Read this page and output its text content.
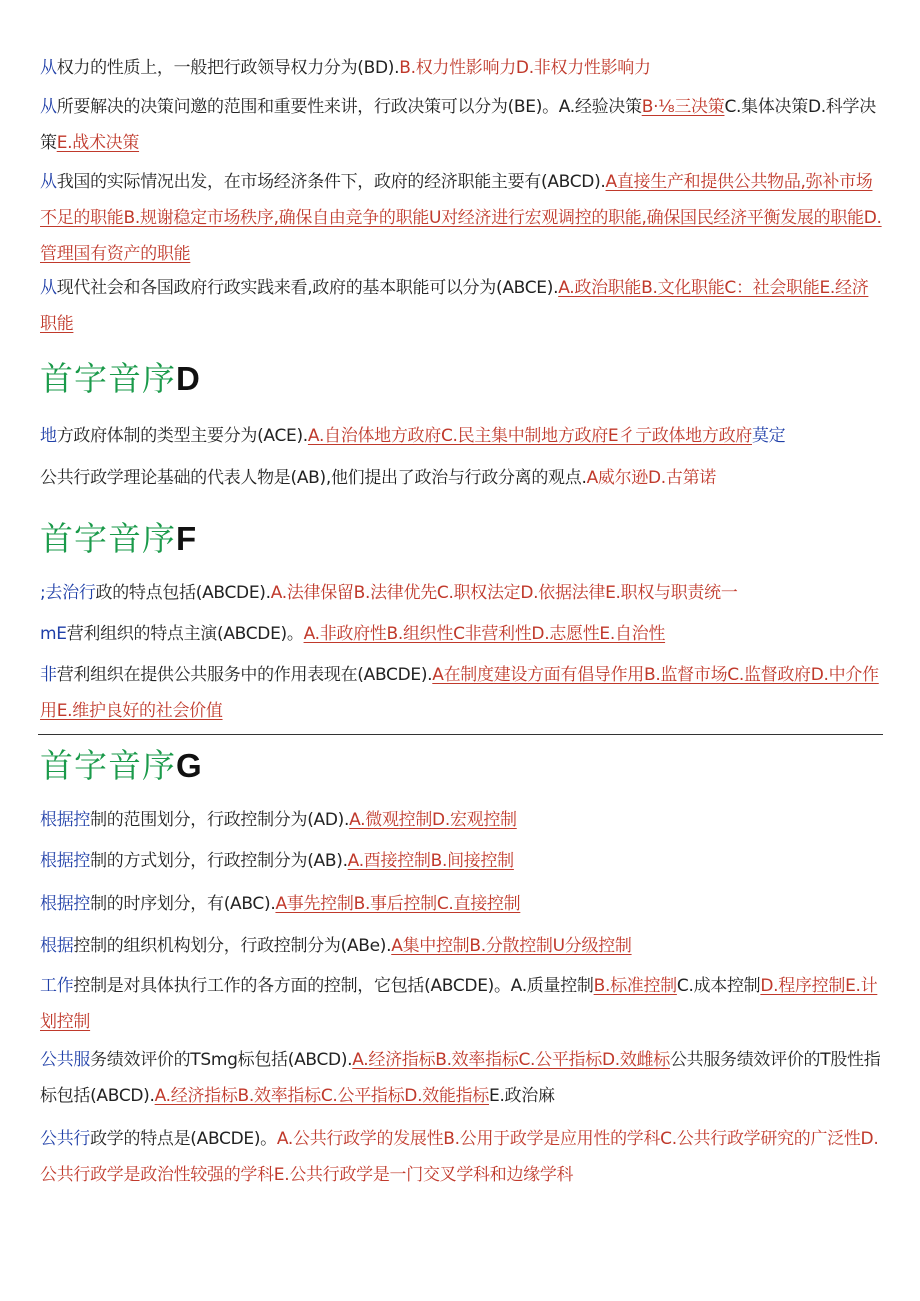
从权力的性质上，一般把行政领导权力分为(BD).B.权力性影响力D.非权力性影响力
从所要解决的决策问邀的范围和重要性来讲，行政决策可以分为(BE)。A.经验决策B·⅛三决策C.集体决策D.科学决策E.战术决策
从我国的实际情况出发，在市场经济条件下，政府的经济职能主要有(ABCD).A直接生产和提供公共物品,弥补市场不足的职能B.规谢稳定市场秩序,确保自由竞争的职能U对经济进行宏观调控的职能,确保国民经济平衡发展的职能D.管理国有资产的职能
从现代社会和各国政府行政实践来看,政府的基本职能可以分为(ABCE).A.政治职能B.文化职能C：社会职能E.经济职能
首字音序D
地方政府体制的类型主要分为(ACE).A.自治体地方政府C.民主集中制地方政府E彳亍政体地方政府莫定
公共行政学理论基础的代表人物是(AB),他们提出了政治与行政分离的观点.A威尔逊D.古第诺
首字音序F
;去治行政的特点包括(ABCDE).A.法律保留B.法律优先C.职权法定D.依据法律E.职权与职责统一
mE营利组织的特点主演(ABCDE)。A.非政府性B.组织性C非营利性D.志愿性E.自治性
非营利组织在提供公共服务中的作用表现在(ABCDE).A在制度建设方面有倡导作用B.监督市场C.监督政府D.中介作用E.维护良好的社会价值
首字音序G
根据控制的范围划分，行政控制分为(AD).A.微观控制D.宏观控制
根据控制的方式划分，行政控制分为(AB).A.酉接控制B.间接控制
根据控制的时序划分，有(ABC).A事先控制B.事后控制C.直接控制
根据控制的组织机构划分，行政控制分为(ABe).A集中控制B.分散控制U分级控制
工作控制是对具体执行工作的各方面的控制，它包括(ABCDE)。A.质量控制B.标准控制C.成本控制D.程序控制E.计划控制
公共服务绩效评价的TSmg标包括(ABCD).A.经济指标B.效率指标C.公平指标D.效雌标公共服务绩效评价的T股性指标包括(ABCD).A.经济指标B.效率指标C.公平指标D.效能指标E.政治麻
公共行政学的特点是(ABCDE)。A.公共行政学的发展性B.公用于政学是应用性的学科C.公共行政学研究的广泛性D.公共行政学是政治性较强的学科E.公共行政学是一门交叉学科和边缘学科
